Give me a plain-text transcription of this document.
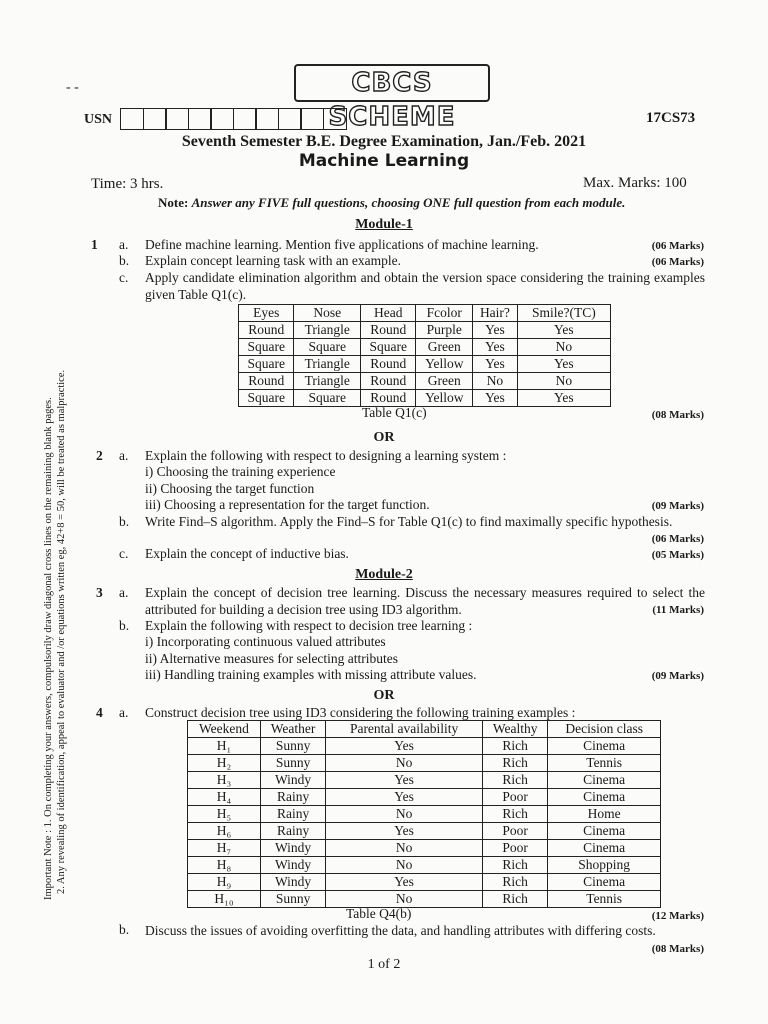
- -	CBCS SCHEME
USN	17CS73
Seventh Semester B.E. Degree Examination, Jan./Feb. 2021
Machine Learning
Time: 3 hrs.	Max. Marks: 100
Note: Answer any FIVE full questions, choosing ONE full question from each module.
Important Note : 1. On completing your answers, compulsorily draw diagonal cross lines on the remaining blank pages. 2. Any revealing of identification, appeal to evaluator and /or equations written eg, 42+8 = 50, will be treated as malpractice.
Module-1
1 a. Define machine learning. Mention five applications of machine learning.	(06 Marks)
b. Explain concept learning task with an example.	(06 Marks)
c. Apply candidate elimination algorithm and obtain the version space considering the training examples given Table Q1(c).
Eyes	Nose	Head	Fcolor	Hair?	Smile?(TC)
Round	Triangle	Round	Purple	Yes	Yes
Square	Square	Square	Green	Yes	No
Square	Triangle	Round	Yellow	Yes	Yes
Round	Triangle	Round	Green	No	No
Square	Square	Round	Yellow	Yes	Yes
Table Q1(c)	(08 Marks)
OR
2 a. Explain the following with respect to designing a learning system :
i) Choosing the training experience
ii) Choosing the target function
iii) Choosing a representation for the target function.	(09 Marks)
b. Write Find–S algorithm. Apply the Find–S for Table Q1(c) to find maximally specific hypothesis.
(06 Marks)
c. Explain the concept of inductive bias.	(05 Marks)
Module-2
3 a. Explain the concept of decision tree learning. Discuss the necessary measures required to select the attributed for building a decision tree using ID3 algorithm.	(11 Marks)
b. Explain the following with respect to decision tree learning :
i) Incorporating continuous valued attributes
ii) Alternative measures for selecting attributes
iii) Handling training examples with missing attribute values.	(09 Marks)
OR
4 a. Construct decision tree using ID3 considering the following training examples :
Weekend	Weather	Parental availability	Wealthy	Decision class
H₁	Sunny	Yes	Rich	Cinema
H₂	Sunny	No	Rich	Tennis
H₃	Windy	Yes	Rich	Cinema
H₄	Rainy	Yes	Poor	Cinema
H₅	Rainy	No	Rich	Home
H₆	Rainy	Yes	Poor	Cinema
H₇	Windy	No	Poor	Cinema
H₈	Windy	No	Rich	Shopping
H₉	Windy	Yes	Rich	Cinema
H₁₀	Sunny	No	Rich	Tennis
Table Q4(b)	(12 Marks)
b. Discuss the issues of avoiding overfitting the data, and handling attributes with differing costs.
(08 Marks)
1 of 2
